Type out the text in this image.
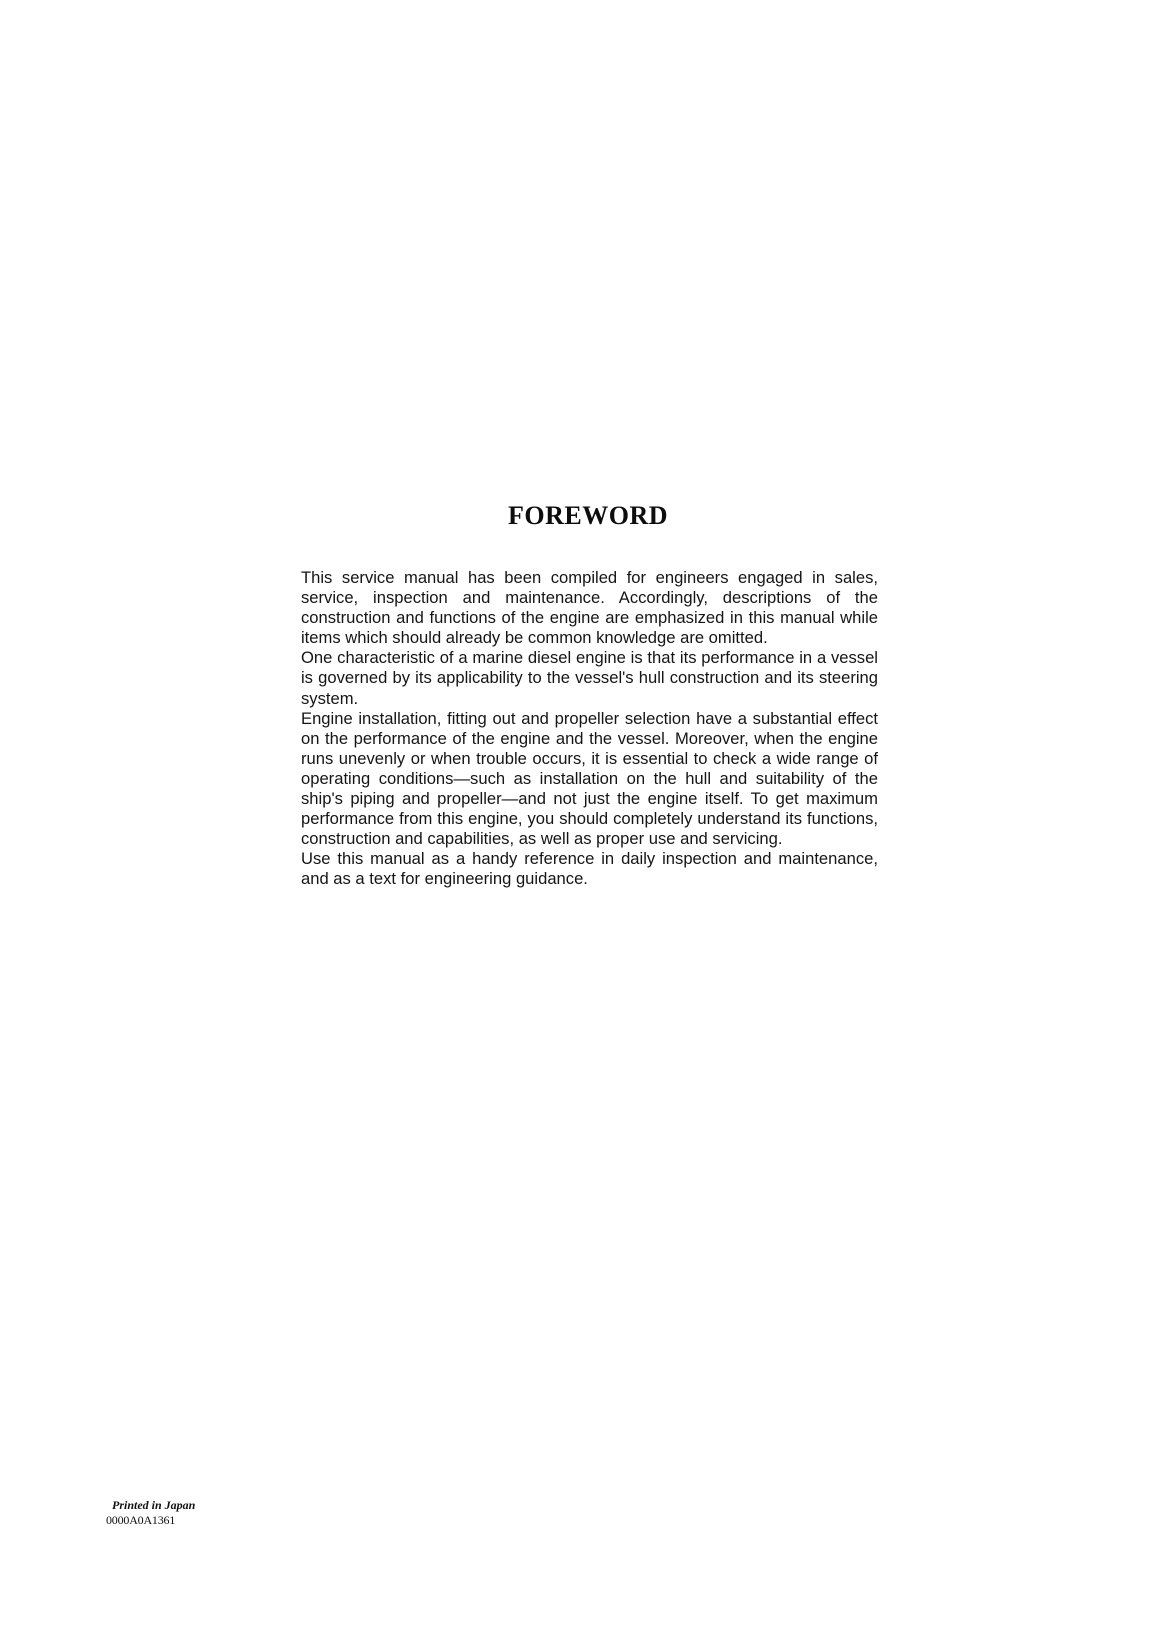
FOREWORD

This service manual has been compiled for engineers engaged in sales, service, inspection and maintenance. Accordingly, descriptions of the construction and functions of the engine are emphasized in this manual while items which should already be common knowledge are omitted.

One characteristic of a marine diesel engine is that its performance in a vessel is governed by its applicability to the vessel's hull construction and its steering system.

Engine installation, fitting out and propeller selection have a substantial effect on the performance of the engine and the vessel. Moreover, when the engine runs unevenly or when trouble occurs, it is essential to check a wide range of operating conditions—such as installation on the hull and suitability of the ship's piping and propeller—and not just the engine itself. To get maximum performance from this engine, you should completely understand its functions, construction and capabilities, as well as proper use and servicing.

Use this manual as a handy reference in daily inspection and maintenance, and as a text for engineering guidance.

Printed in Japan
0000A0A1361
